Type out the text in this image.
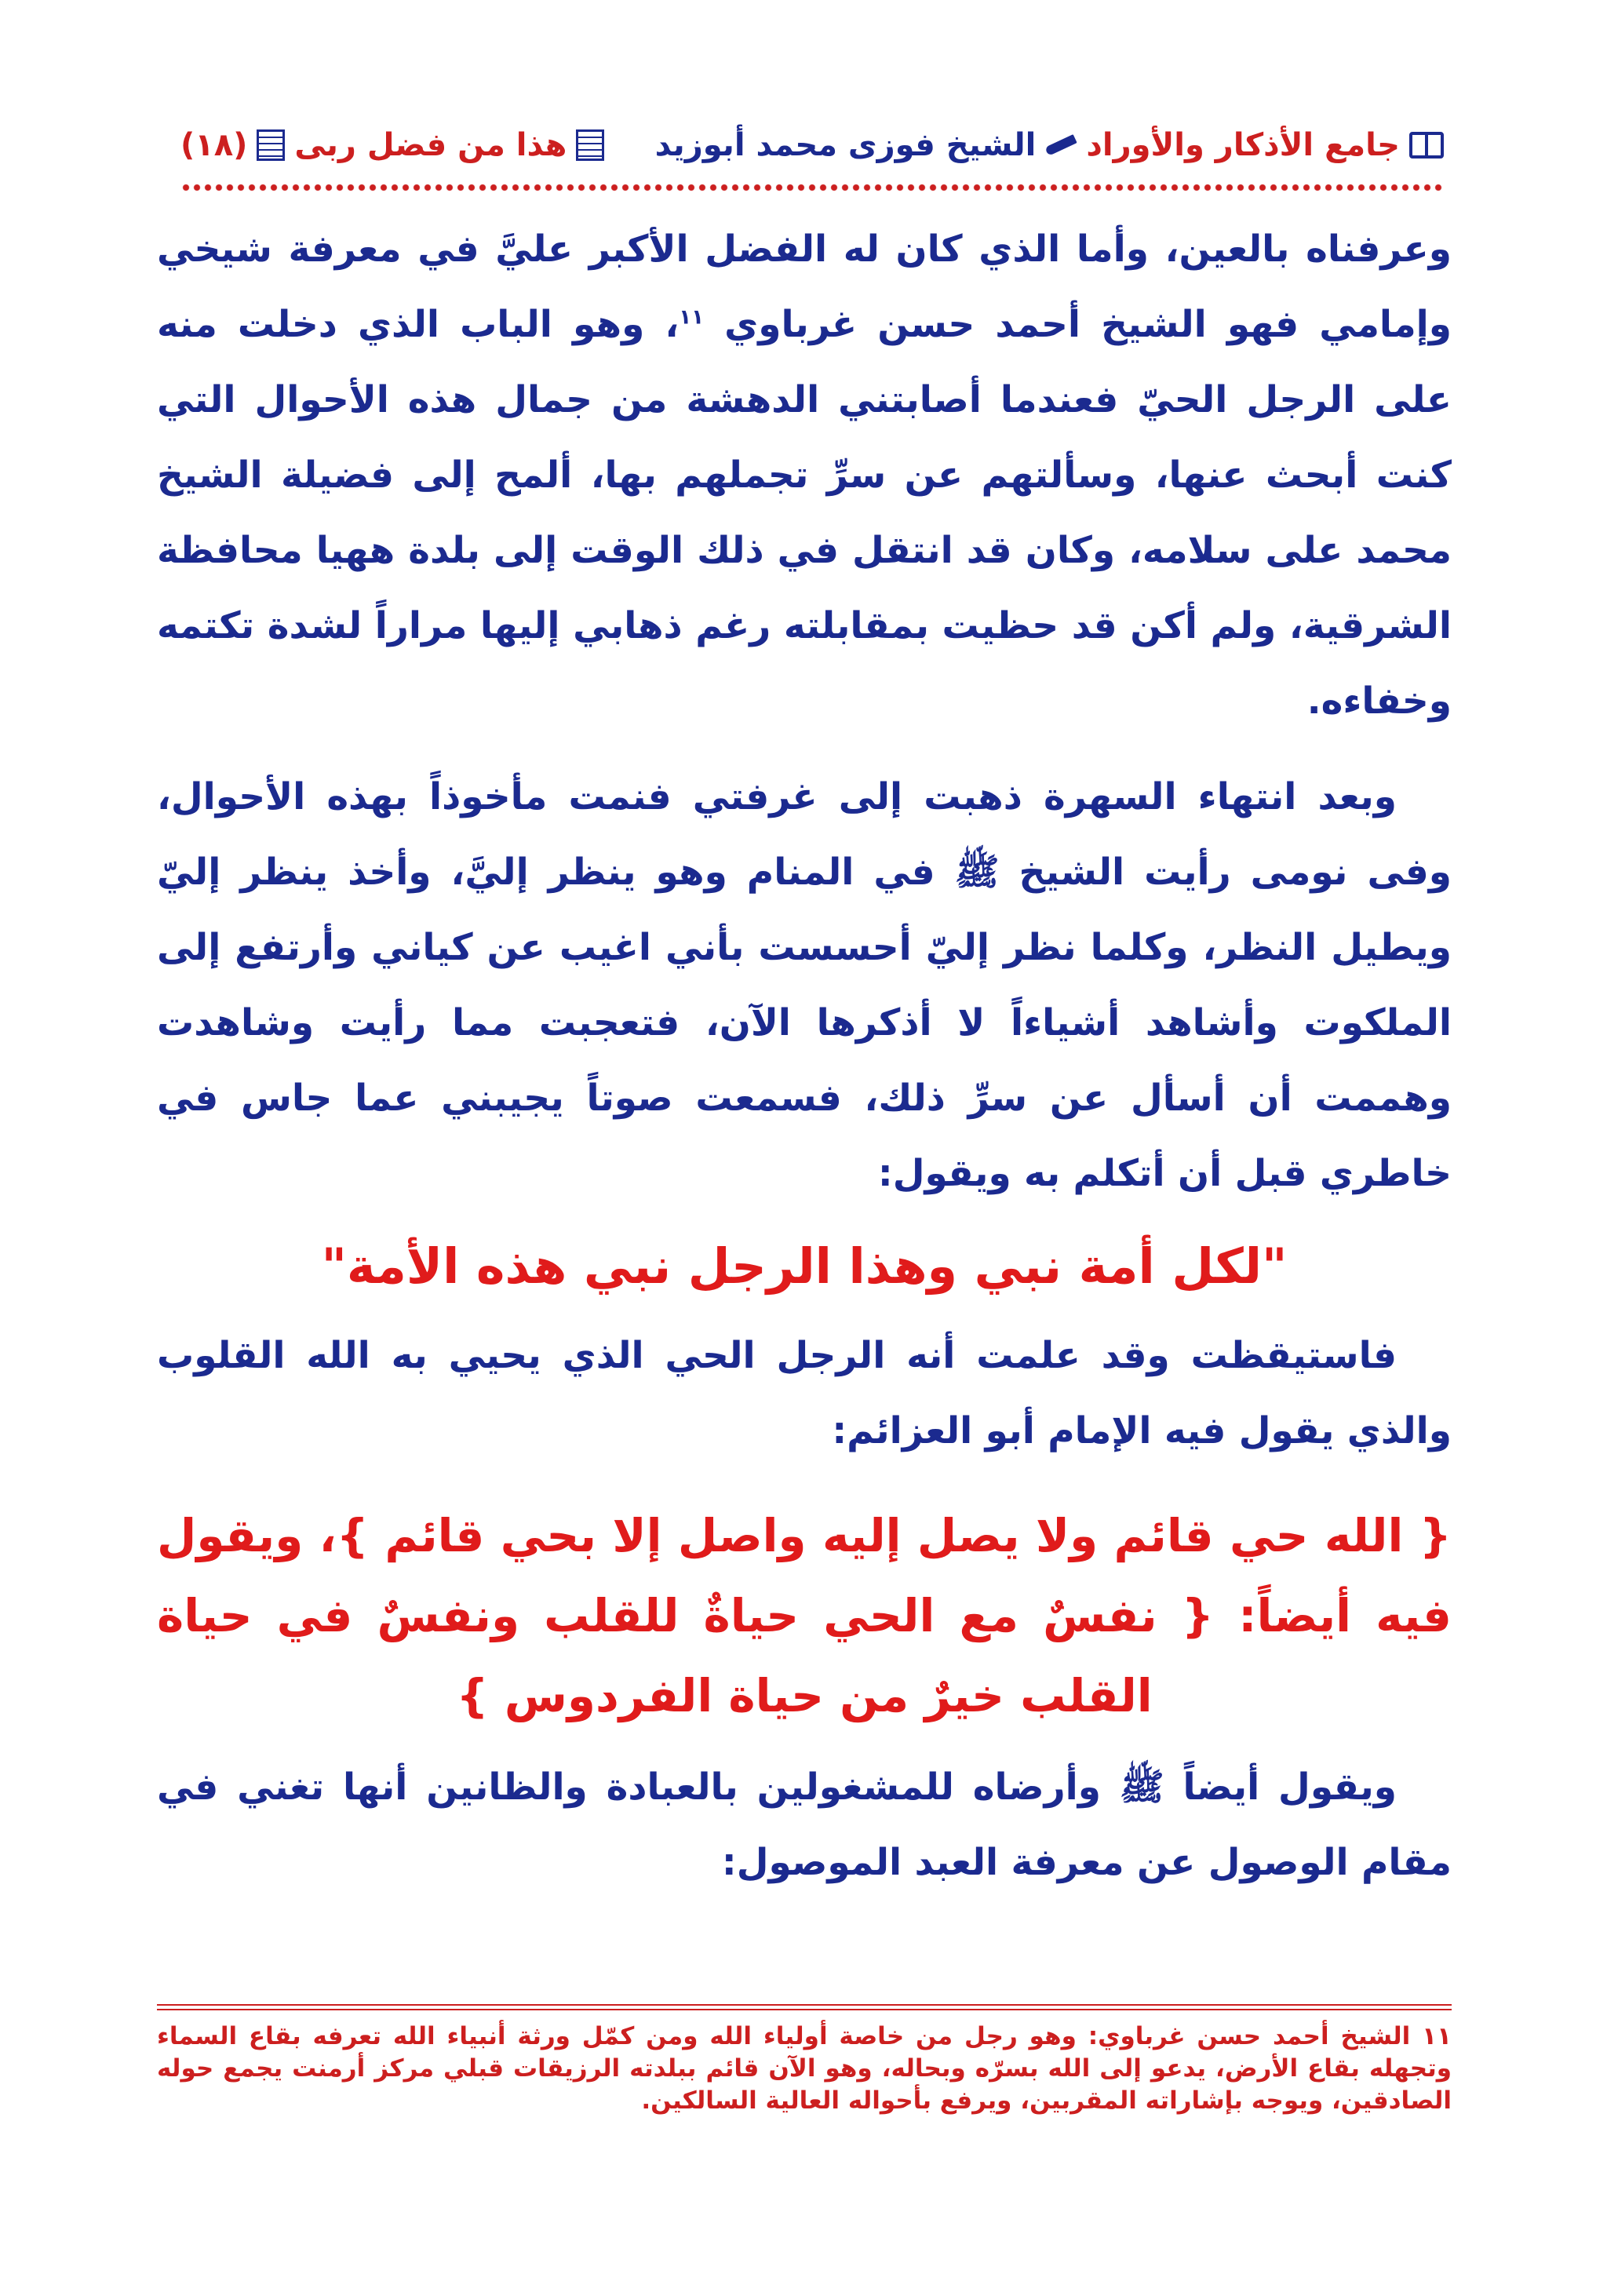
جامع الأذكار والأوراد
الشيخ فوزى محمد أبوزيد
هذا من فضل ربى
(١٨)

وعرفناه بالعين، وأما الذي كان له الفضل الأكبر عليَّ في معرفة شيخي وإمامي فهو الشيخ أحمد حسن غرباوي $^{١١}$، وهو الباب الذي دخلت منه على الرجل الحيّ فعندما أصابتني الدهشة من جمال هذه الأحوال التي كنت أبحث عنها، وسألتهم عن سرِّ تجملهم بها، ألمح إلى فضيلة الشيخ محمد على سلامه، وكان قد انتقل في ذلك الوقت إلى بلدة ههيا محافظة الشرقية، ولم أكن قد حظيت بمقابلته رغم ذهابي إليها مراراً لشدة تكتمه وخفاءه.

وبعد انتهاء السهرة ذهبت إلى غرفتي فنمت مأخوذاً بهذه الأحوال، وفى نومى رأيت الشيخ ﷺ في المنام وهو ينظر إليَّ، وأخذ ينظر إليّ ويطيل النظر، وكلما نظر إليّ أحسست بأني اغيب عن كياني وأرتفع إلى الملكوت وأشاهد أشياءاً لا أذكرها الآن، فتعجبت مما رأيت وشاهدت وهممت أن أسأل عن سرِّ ذلك، فسمعت صوتاً يجيبني عما جاس في خاطري قبل أن أتكلم به ويقول:

"لكل أمة نبي وهذا الرجل نبي هذه الأمة"

فاستيقظت وقد علمت أنه الرجل الحي الذي يحيي به الله القلوب والذي يقول فيه الإمام أبو العزائم:

{ الله حي قائم ولا يصل إليه واصل إلا بحي قائم }، ويقول فيه أيضاً: { نفسٌ مع الحي حياةٌ للقلب ونفسٌ في حياة القلب خيرٌ من حياة الفردوس }

ويقول أيضاً ﷺ وأرضاه للمشغولين بالعبادة والظانين أنها تغني في مقام الوصول عن معرفة العبد الموصول:

١١ الشيخ أحمد حسن غرباوي: وهو رجل من خاصة أولياء الله ومن كمّل ورثة أنبياء الله تعرفه بقاع السماء وتجهله بقاع الأرض، يدعو إلى الله بسرّه وبحاله، وهو الآن قائم ببلدته الرزيقات قبلي مركز أرمنت يجمع حوله الصادقين، ويوجه بإشاراته المقربين، ويرفع بأحواله العالية السالكين.
